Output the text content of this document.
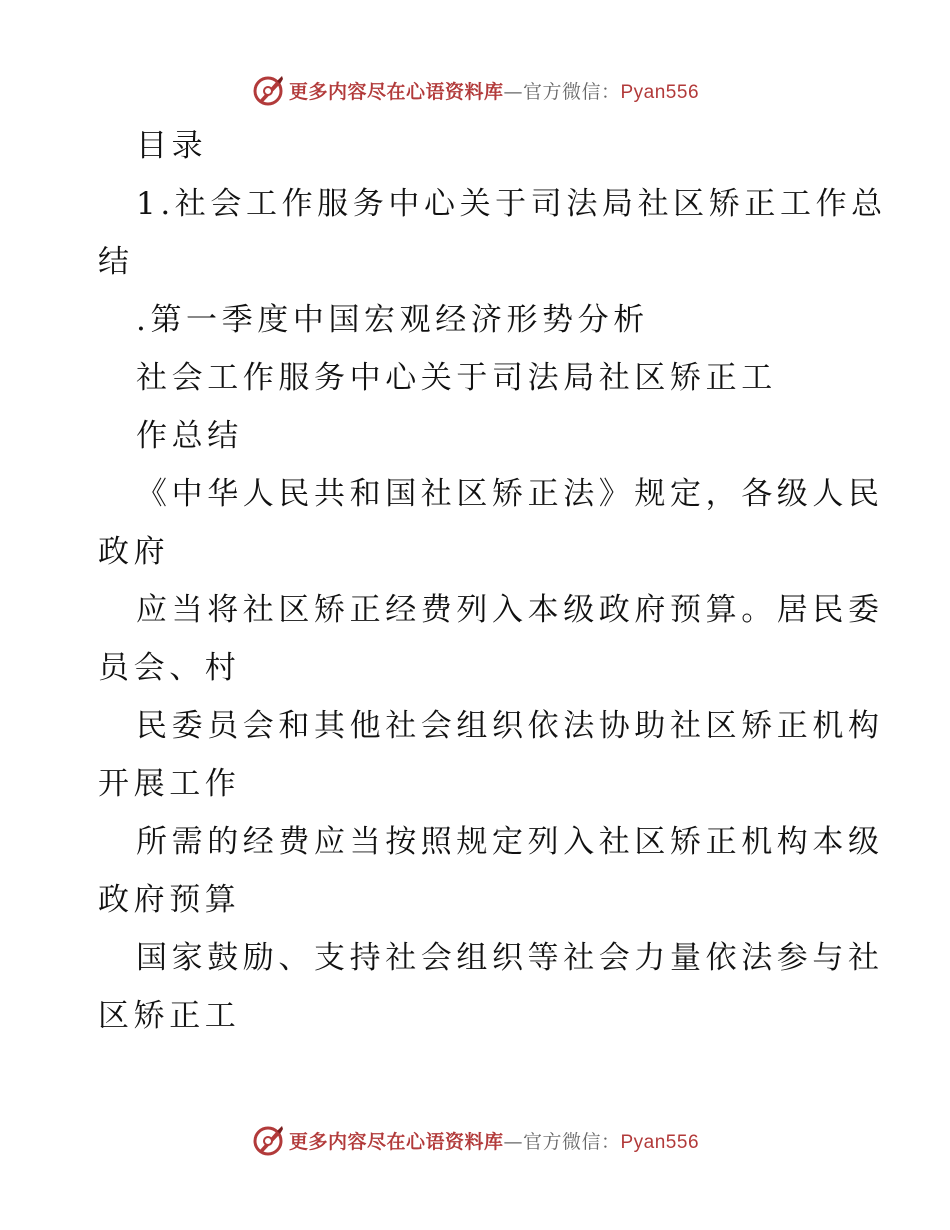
更多内容尽在心语资料库—官方微信：Pyan556
目录
1.社会工作服务中心关于司法局社区矫正工作总
结
.第一季度中国宏观经济形势分析
社会工作服务中心关于司法局社区矫正工
作总结
《中华人民共和国社区矫正法》规定，各级人民
政府
应当将社区矫正经费列入本级政府预算。居民委
员会、村
民委员会和其他社会组织依法协助社区矫正机构
开展工作
所需的经费应当按照规定列入社区矫正机构本级
政府预算
国家鼓励、支持社会组织等社会力量依法参与社
区矫正工
更多内容尽在心语资料库—官方微信：Pyan556
